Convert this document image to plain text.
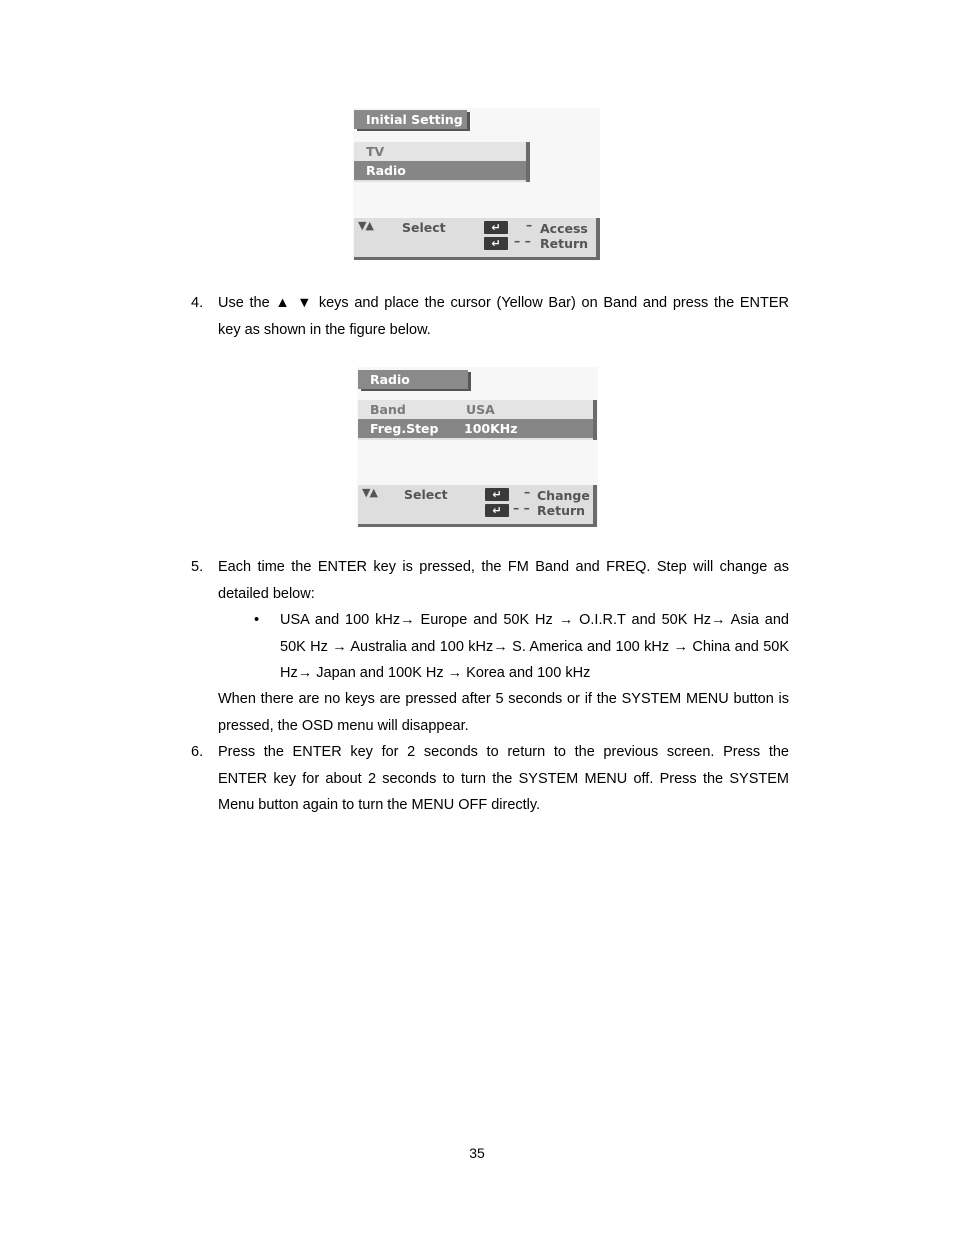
Initial Setting
TV
Radio
▼▲ Select	↵	– Access
↵	– – Return
4. Use the ▲ ▼ keys and place the cursor (Yellow Bar) on Band and press the ENTER
key as shown in the figure below.
Radio
Band	USA
Freg.Step 100KHz
▼▲ Select	↵	– Change
↵ – – Return
5. Each time the ENTER key is pressed, the FM Band and FREQ. Step will change as
detailed below:
• USA and 100 kHz→ Europe and 50K Hz → O.I.R.T and 50K Hz→ Asia and
50K Hz → Australia and 100 kHz→ S. America and 100 kHz → China and 50K
Hz→ Japan and 100K Hz → Korea and 100 kHz
When there are no keys are pressed after 5 seconds or if the SYSTEM MENU button is
pressed, the OSD menu will disappear.
6. Press the ENTER key for 2 seconds to return to the previous screen. Press the
ENTER key for about 2 seconds to turn the SYSTEM MENU off. Press the SYSTEM
Menu button again to turn the MENU OFF directly.
35
